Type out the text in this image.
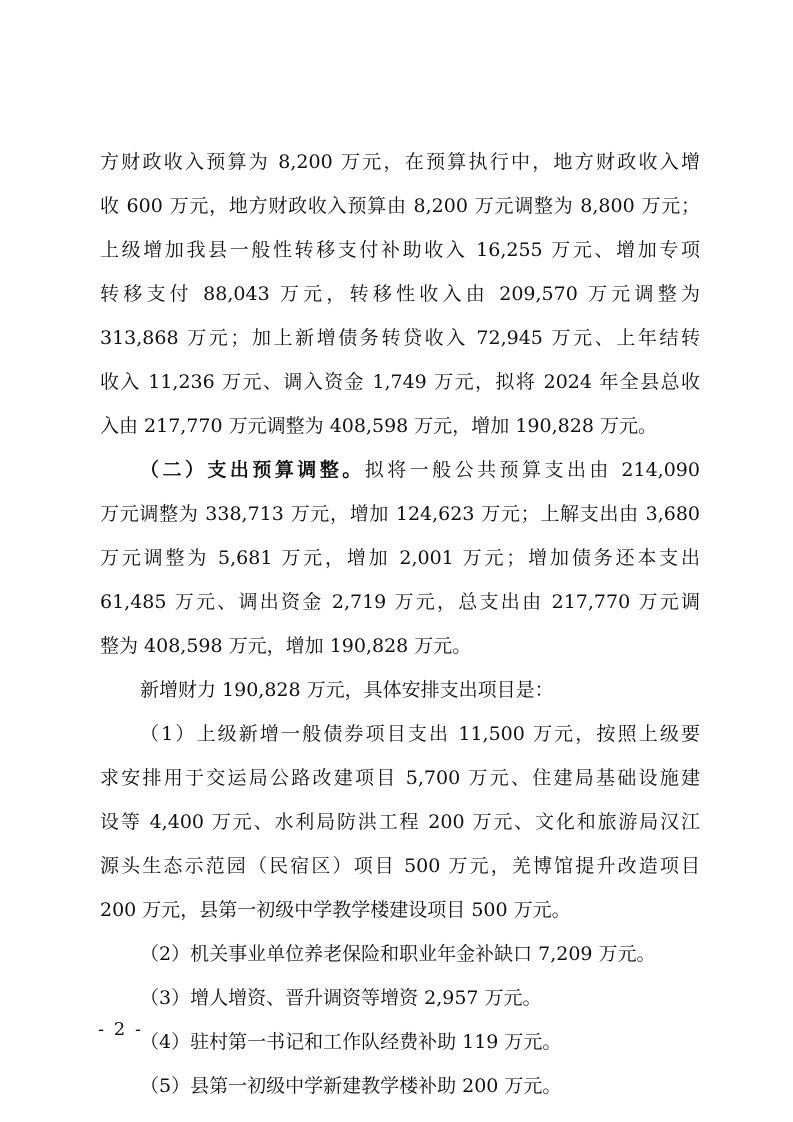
方财政收入预算为 8,200 万元，在预算执行中，地方财政收入增
收 600 万元，地方财政收入预算由 8,200 万元调整为 8,800 万元；
上级增加我县一般性转移支付补助收入 16,255 万元、增加专项
转移支付 88,043 万元，转移性收入由 209,570 万元调整为
313,868 万元；加上新增债务转贷收入 72,945 万元、上年结转
收入 11,236 万元、调入资金 1,749 万元，拟将 2024 年全县总收
入由 217,770 万元调整为 408,598 万元，增加 190,828 万元。
（二）支出预算调整。拟将一般公共预算支出由 214,090
万元调整为 338,713 万元，增加 124,623 万元；上解支出由 3,680
万元调整为 5,681 万元，增加 2,001 万元；增加债务还本支出
61,485 万元、调出资金 2,719 万元，总支出由 217,770 万元调
整为 408,598 万元，增加 190,828 万元。
新增财力 190,828 万元，具体安排支出项目是：
（1）上级新增一般债券项目支出 11,500 万元，按照上级要
求安排用于交运局公路改建项目 5,700 万元、住建局基础设施建
设等 4,400 万元、水利局防洪工程 200 万元、文化和旅游局汉江
源头生态示范园（民宿区）项目 500 万元，羌博馆提升改造项目
200 万元，县第一初级中学教学楼建设项目 500 万元。
（2）机关事业单位养老保险和职业年金补缺口 7,209 万元。
（3）增人增资、晋升调资等增资 2,957 万元。
（4）驻村第一书记和工作队经费补助 119 万元。
（5）县第一初级中学新建教学楼补助 200 万元。
- 2 -
